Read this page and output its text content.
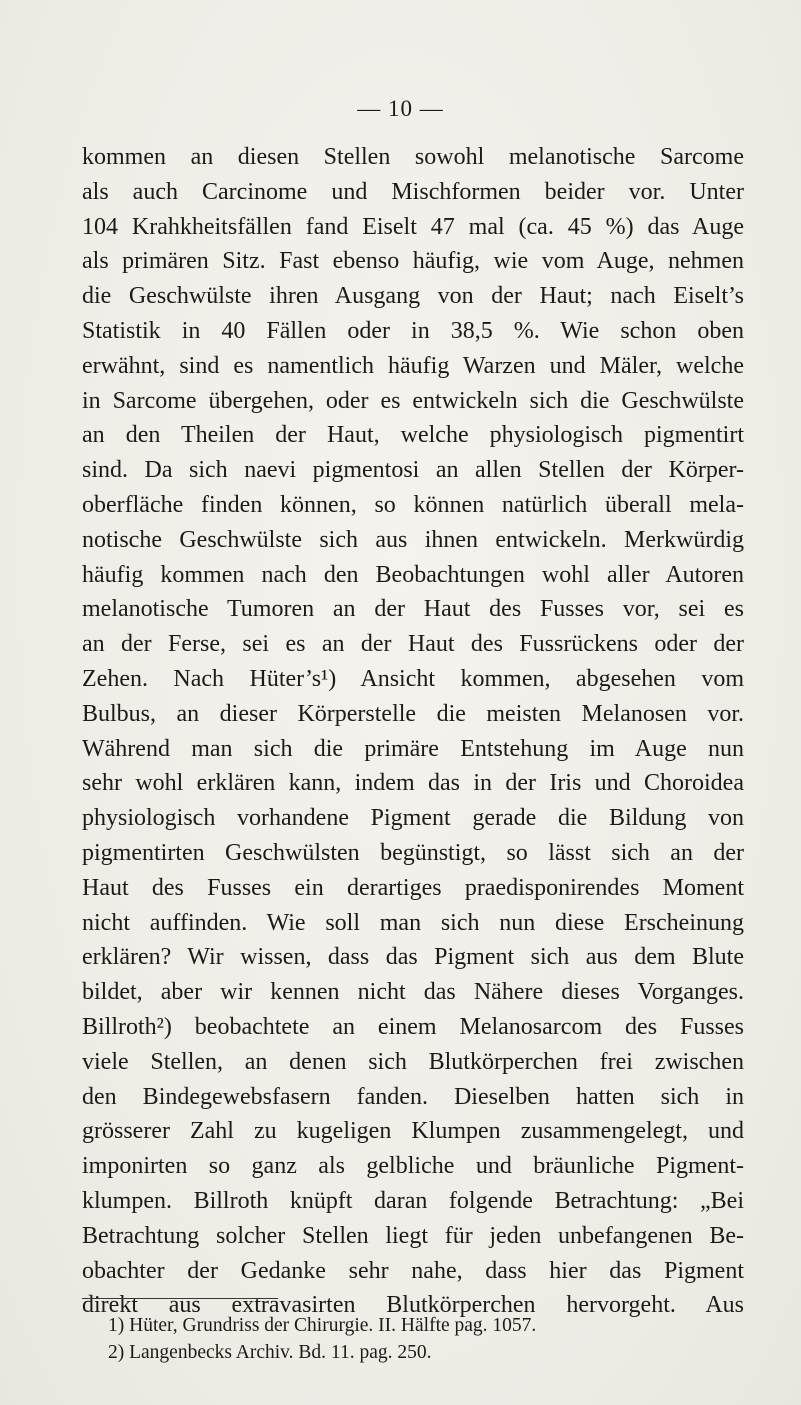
— 10 —
kommen an diesen Stellen sowohl melanotische Sarcome
als auch Carcinome und Mischformen beider vor. Unter
104 Krahkheitsfällen fand Eiselt 47 mal (ca. 45 %) das Auge
als primären Sitz. Fast ebenso häufig, wie vom Auge, nehmen
die Geschwülste ihren Ausgang von der Haut; nach Eiselt’s
Statistik in 40 Fällen oder in 38,5 %. Wie schon oben
erwähnt, sind es namentlich häufig Warzen und Mäler, welche
in Sarcome übergehen, oder es entwickeln sich die Geschwülste
an den Theilen der Haut, welche physiologisch pigmentirt
sind. Da sich naevi pigmentosi an allen Stellen der Körper-
oberfläche finden können, so können natürlich überall mela-
notische Geschwülste sich aus ihnen entwickeln. Merkwürdig
häufig kommen nach den Beobachtungen wohl aller Autoren
melanotische Tumoren an der Haut des Fusses vor, sei es
an der Ferse, sei es an der Haut des Fussrückens oder der
Zehen. Nach Hüter’s¹) Ansicht kommen, abgesehen vom
Bulbus, an dieser Körperstelle die meisten Melanosen vor.
Während man sich die primäre Entstehung im Auge nun
sehr wohl erklären kann, indem das in der Iris und Choroidea
physiologisch vorhandene Pigment gerade die Bildung von
pigmentirten Geschwülsten begünstigt, so lässt sich an der
Haut des Fusses ein derartiges praedisponirendes Moment
nicht auffinden. Wie soll man sich nun diese Erscheinung
erklären? Wir wissen, dass das Pigment sich aus dem Blute
bildet, aber wir kennen nicht das Nähere dieses Vorganges.
Billroth²) beobachtete an einem Melanosarcom des Fusses
viele Stellen, an denen sich Blutkörperchen frei zwischen
den Bindegewebsfasern fanden. Dieselben hatten sich in
grösserer Zahl zu kugeligen Klumpen zusammengelegt, und
imponirten so ganz als gelbliche und bräunliche Pigment-
klumpen. Billroth knüpft daran folgende Betrachtung: „Bei
Betrachtung solcher Stellen liegt für jeden unbefangenen Be-
obachter der Gedanke sehr nahe, dass hier das Pigment
direkt aus extravasirten Blutkörperchen hervorgeht. Aus
1) Hüter, Grundriss der Chirurgie. II. Hälfte pag. 1057.
2) Langenbecks Archiv. Bd. 11. pag. 250.
